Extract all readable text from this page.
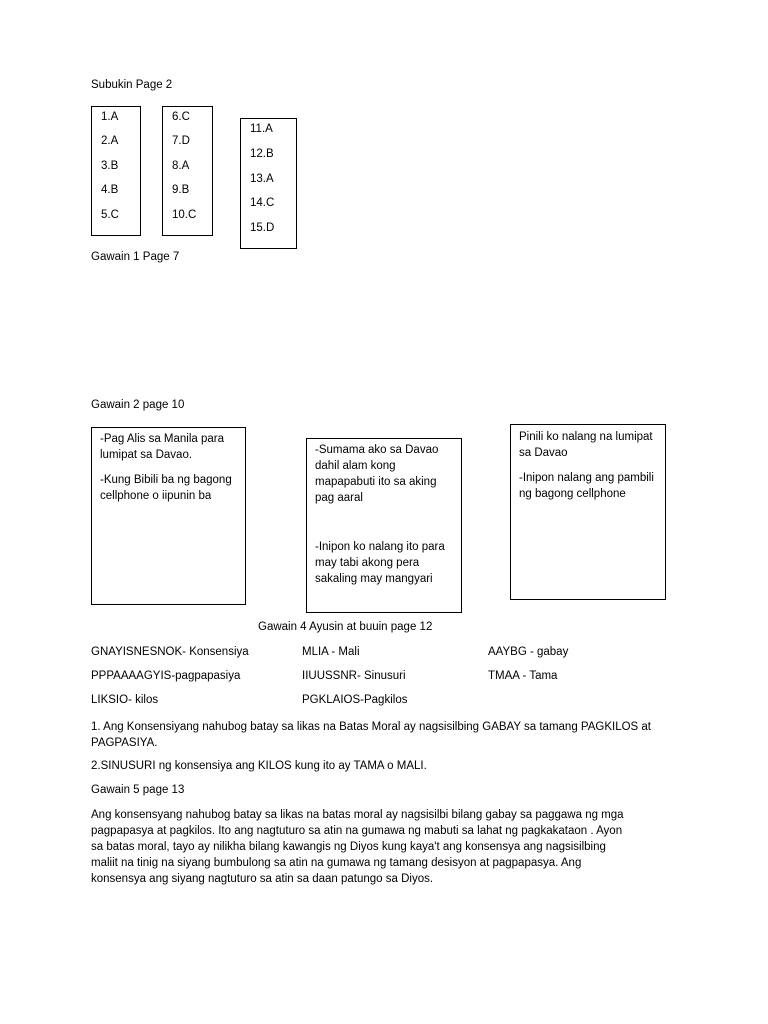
Subukin Page 2
1.A
2.A
3.B
4.B
5.C
6.C
7.D
8.A
9.B
10.C
11.A
12.B
13.A
14.C
15.D
Gawain 1 Page 7
Gawain 2 page 10
-Pag Alis sa Manila para lumipat sa Davao.
-Kung Bibili ba ng bagong cellphone o iipunin ba
-Sumama ako sa Davao dahil alam kong mapapabuti ito sa aking pag aaral
-Inipon ko nalang ito para may tabi akong pera sakaling may mangyari
Pinili ko nalang na lumipat sa Davao
-Inipon nalang ang pambili ng bagong cellphone
Gawain 4 Ayusin at buuin page 12
GNAYISNESNOK- Konsensiya	MLIA - Mali	AAYBG - gabay
PPPAAAAGYIS-pagpapasiya	IIUUSSNR- Sinusuri	TMAA - Tama
LIKSIO- kilos	PGKLAIOS-Pagkilos
1. Ang Konsensiyang nahubog batay sa likas na Batas Moral ay nagsisilbing GABAY sa tamang PAGKILOS at PAGPASIYA.
2.SINUSURI ng konsensiya ang KILOS kung ito ay TAMA o MALI.
Gawain 5 page 13
Ang konsensyang nahubog batay sa likas na batas moral ay nagsisilbi bilang gabay sa paggawa ng mga
pagpapasya at pagkilos. Ito ang nagtuturo sa atin na gumawa ng mabuti sa lahat ng pagkakataon . Ayon
sa batas moral, tayo ay nilikha bilang kawangis ng Diyos kung kaya't ang konsensya ang nagsisilbing
maliit na tinig na siyang bumbulong sa atin na gumawa ng tamang desisyon at pagpapasya. Ang
konsensya ang siyang nagtuturo sa atin sa daan patungo sa Diyos.
